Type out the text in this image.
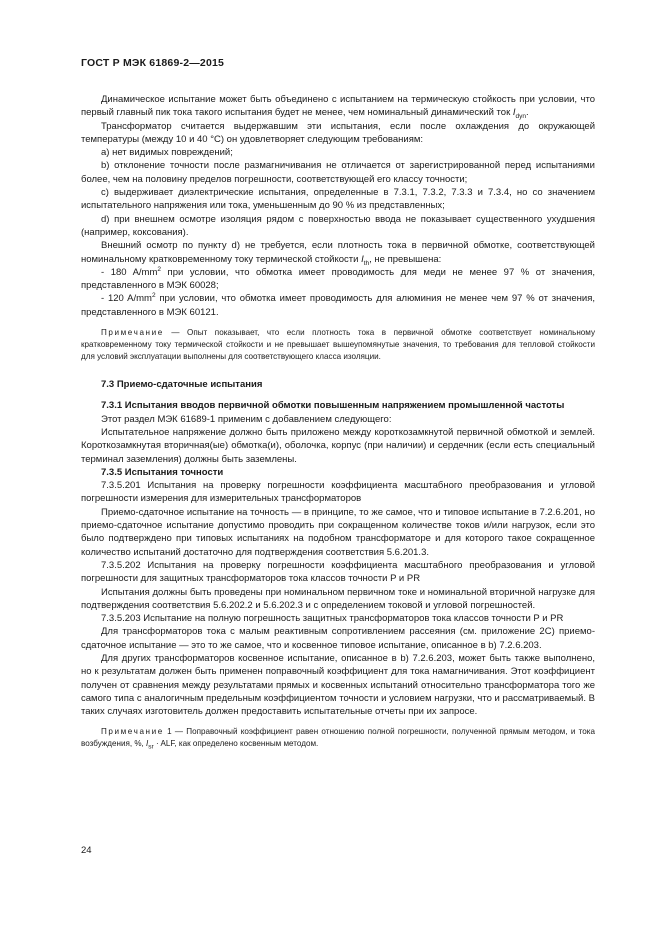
ГОСТ Р МЭК 61869-2—2015

Динамическое испытание может быть объединено с испытанием на термическую стойкость при условии, что первый главный пик тока такого испытания будет не менее, чем номинальный динамический ток $I_{dyn}$.

Трансформатор считается выдержавшим эти испытания, если после охлаждения до окружающей температуры (между 10 и 40 °С) он удовлетворяет следующим требованиям:

a) нет видимых повреждений;

b) отклонение точности после размагничивания не отличается от зарегистрированной перед испытаниями более, чем на половину пределов погрешности, соответствующей его классу точности;

c) выдерживает диэлектрические испытания, определенные в 7.3.1, 7.3.2, 7.3.3 и 7.3.4, но со значением испытательного напряжения или тока, уменьшенным до 90 % из представленных;

d) при внешнем осмотре изоляция рядом с поверхностью ввода не показывает существенного ухудшения (например, коксования).

Внешний осмотр по пункту d) не требуется, если плотность тока в первичной обмотке, соответствующей номинальному кратковременному току термической стойкости $I_{th}$, не превышена:

- 180 $A/mm^2$ при условии, что обмотка имеет проводимость для меди не менее 97 % от значения, представленного в МЭК 60028;

- 120 $A/mm^2$ при условии, что обмотка имеет проводимость для алюминия не менее чем 97 % от значения, представленного в МЭК 60121.

Примечание — Опыт показывает, что если плотность тока в первичной обмотке соответствует номинальному кратковременному току термической стойкости и не превышает вышеупомянутые значения, то требования для тепловой стойкости для условий эксплуатации выполнены для соответствующего класса изоляции.

7.3 Приемо-сдаточные испытания

7.3.1 Испытания вводов первичной обмотки повышенным напряжением промышленной частоты

Этот раздел МЭК 61689-1 применим с добавлением следующего:

Испытательное напряжение должно быть приложено между короткозамкнутой первичной обмоткой и землей. Короткозамкнутая вторичная(ые) обмотка(и), оболочка, корпус (при наличии) и сердечник (если есть специальный терминал заземления) должны быть заземлены.

7.3.5 Испытания точности

7.3.5.201 Испытания на проверку погрешности коэффициента масштабного преобразования и угловой погрешности измерения для измерительных трансформаторов

Приемо-сдаточное испытание на точность — в принципе, то же самое, что и типовое испытание в 7.2.6.201, но приемо-сдаточное испытание допустимо проводить при сокращенном количестве токов и/или нагрузок, если это было подтверждено при типовых испытаниях на подобном трансформаторе и для которого такое сокращенное количество испытаний достаточно для подтверждения соответствия 5.6.201.3.

7.3.5.202 Испытания на проверку погрешности коэффициента масштабного преобразования и угловой погрешности для защитных трансформаторов тока классов точности P и PR

Испытания должны быть проведены при номинальном первичном токе и номинальной вторичной нагрузке для подтверждения соответствия 5.6.202.2 и 5.6.202.3 и с определением токовой и угловой погрешностей.

7.3.5.203 Испытание на полную погрешность защитных трансформаторов тока классов точности P и PR

Для трансформаторов тока с малым реактивным сопротивлением рассеяния (см. приложение 2С) приемо-сдаточное испытание — это то же самое, что и косвенное типовое испытание, описанное в b) 7.2.6.203.

Для других трансформаторов косвенное испытание, описанное в b) 7.2.6.203, может быть также выполнено, но к результатам должен быть применен поправочный коэффициент для тока намагничивания. Этот коэффициент получен от сравнения между результатами прямых и косвенных испытаний относительно трансформатора того же самого типа с аналогичным предельным коэффициентом точности и условием нагрузки, что и рассматриваемый. В таких случаях изготовитель должен предоставить испытательные отчеты при их запросе.

Примечание 1 — Поправочный коэффициент равен отношению полной погрешности, полученной прямым методом, и тока возбуждения, %, $I_{sr}$ · ALF, как определено косвенным методом.

24
